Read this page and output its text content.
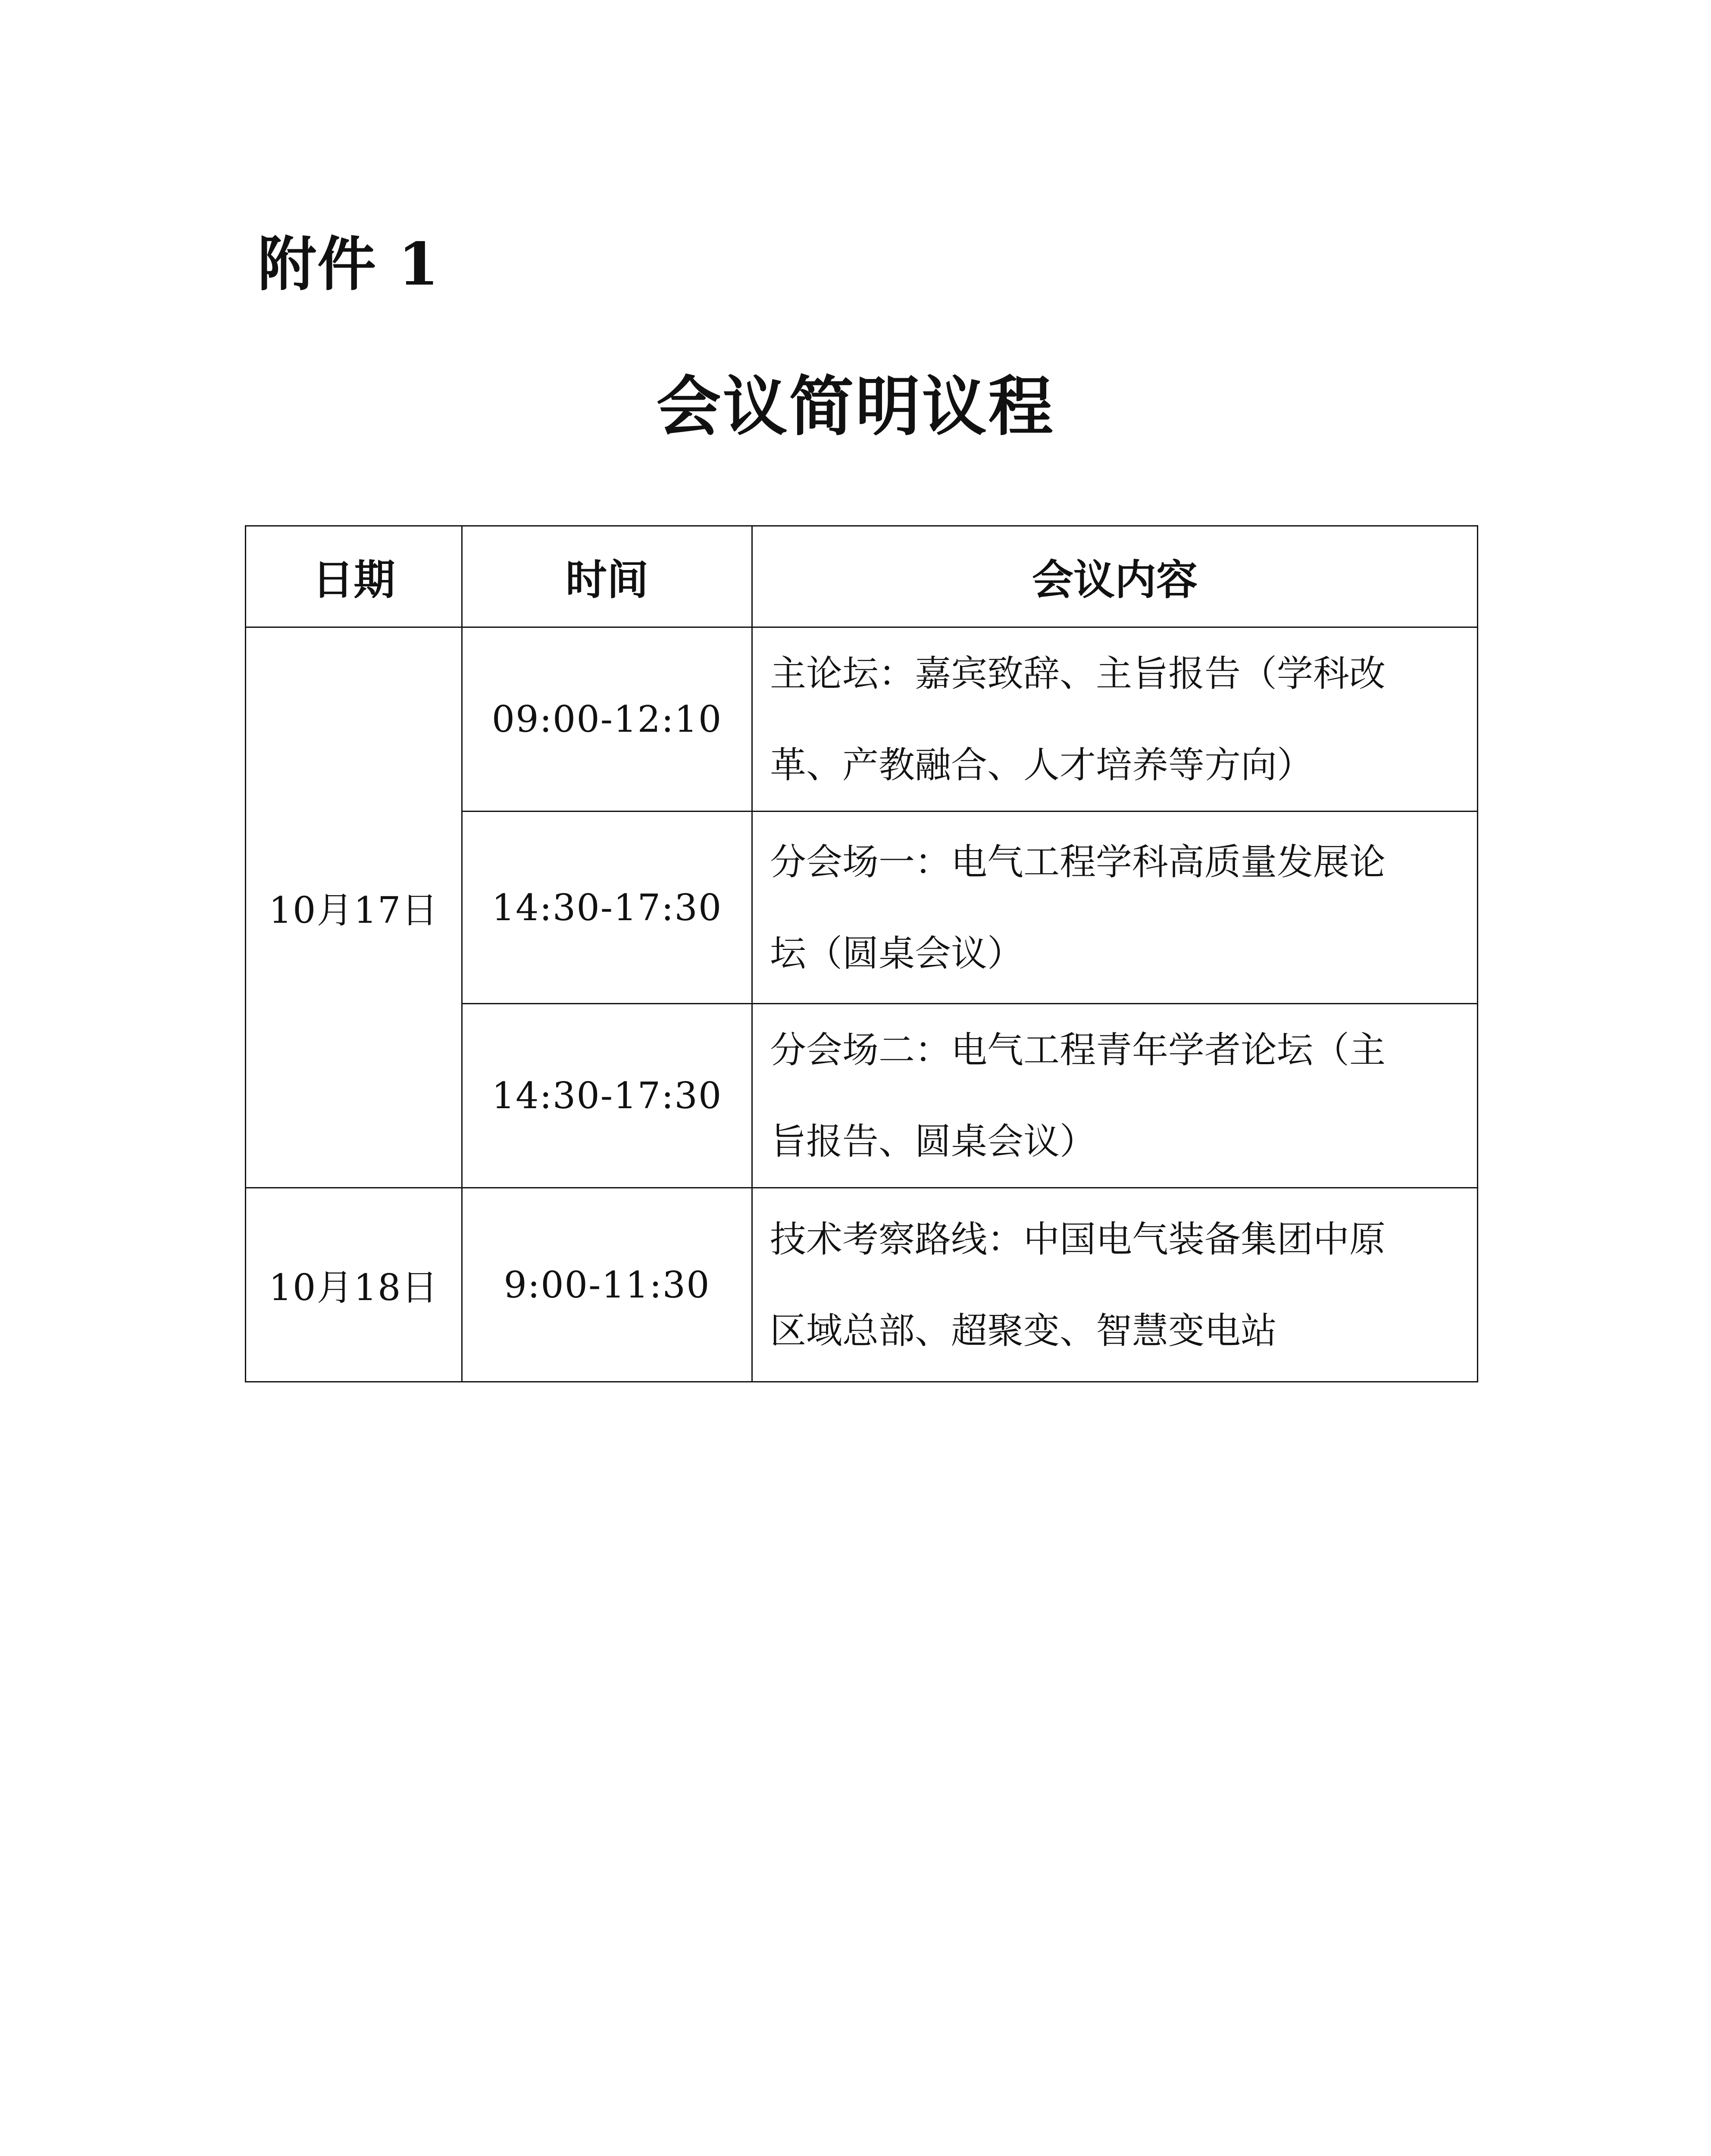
附件 1
会议简明议程
日期	时间	会议内容
10月17日	09:00-12:10	主论坛：嘉宾致辞、主旨报告（学科改
革、产教融合、人才培养等方向）

	14:30-17:30	分会场一：电气工程学科高质量发展论
坛（圆桌会议）

	14:30-17:30	分会场二：电气工程青年学者论坛（主
旨报告、圆桌会议）

10月18日	9:00-11:30	技术考察路线：中国电气装备集团中原
区域总部、超聚变、智慧变电站
